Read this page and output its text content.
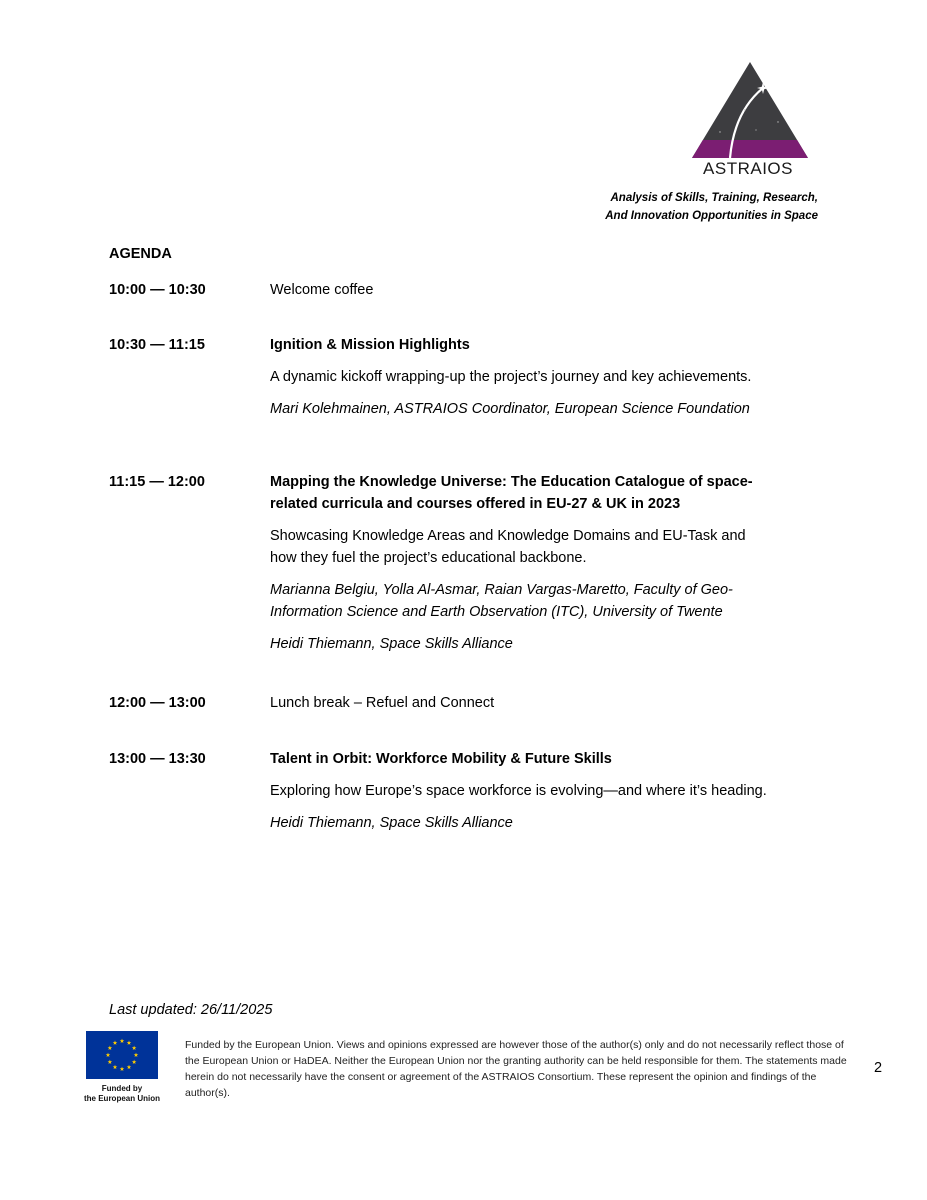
ASTRAIOS
Analysis of Skills, Training, Research,
And Innovation Opportunities in Space
AGENDA
10:00 — 10:30	Welcome coffee

10:30 — 11:15	Ignition & Mission Highlights

A dynamic kickoff wrapping-up the project’s journey and key achievements.

Mari Kolehmainen, ASTRAIOS Coordinator, European Science Foundation

11:15 — 12:00	Mapping the Knowledge Universe: The Education Catalogue of space-related curricula and courses offered in EU-27 & UK in 2023

Showcasing Knowledge Areas and Knowledge Domains and EU-Task and how they fuel the project’s educational backbone.

Marianna Belgiu, Yolla Al-Asmar, Raian Vargas-Maretto, Faculty of Geo-Information Science and Earth Observation (ITC), University of Twente

Heidi Thiemann, Space Skills Alliance

12:00 — 13:00	Lunch break – Refuel and Connect

13:00 — 13:30	Talent in Orbit: Workforce Mobility & Future Skills

Exploring how Europe’s space workforce is evolving—and where it’s heading.

Heidi Thiemann, Space Skills Alliance

Last updated: 26/11/2025
Funded by
the European Union
Funded by the European Union. Views and opinions expressed are however those of the author(s) only and do not necessarily reflect those of the European Union or HaDEA. Neither the European Union nor the granting authority can be held responsible for them. The statements made herein do not necessarily have the consent or agreement of the ASTRAIOS Consortium. These represent the opinion and findings of the author(s).
2
